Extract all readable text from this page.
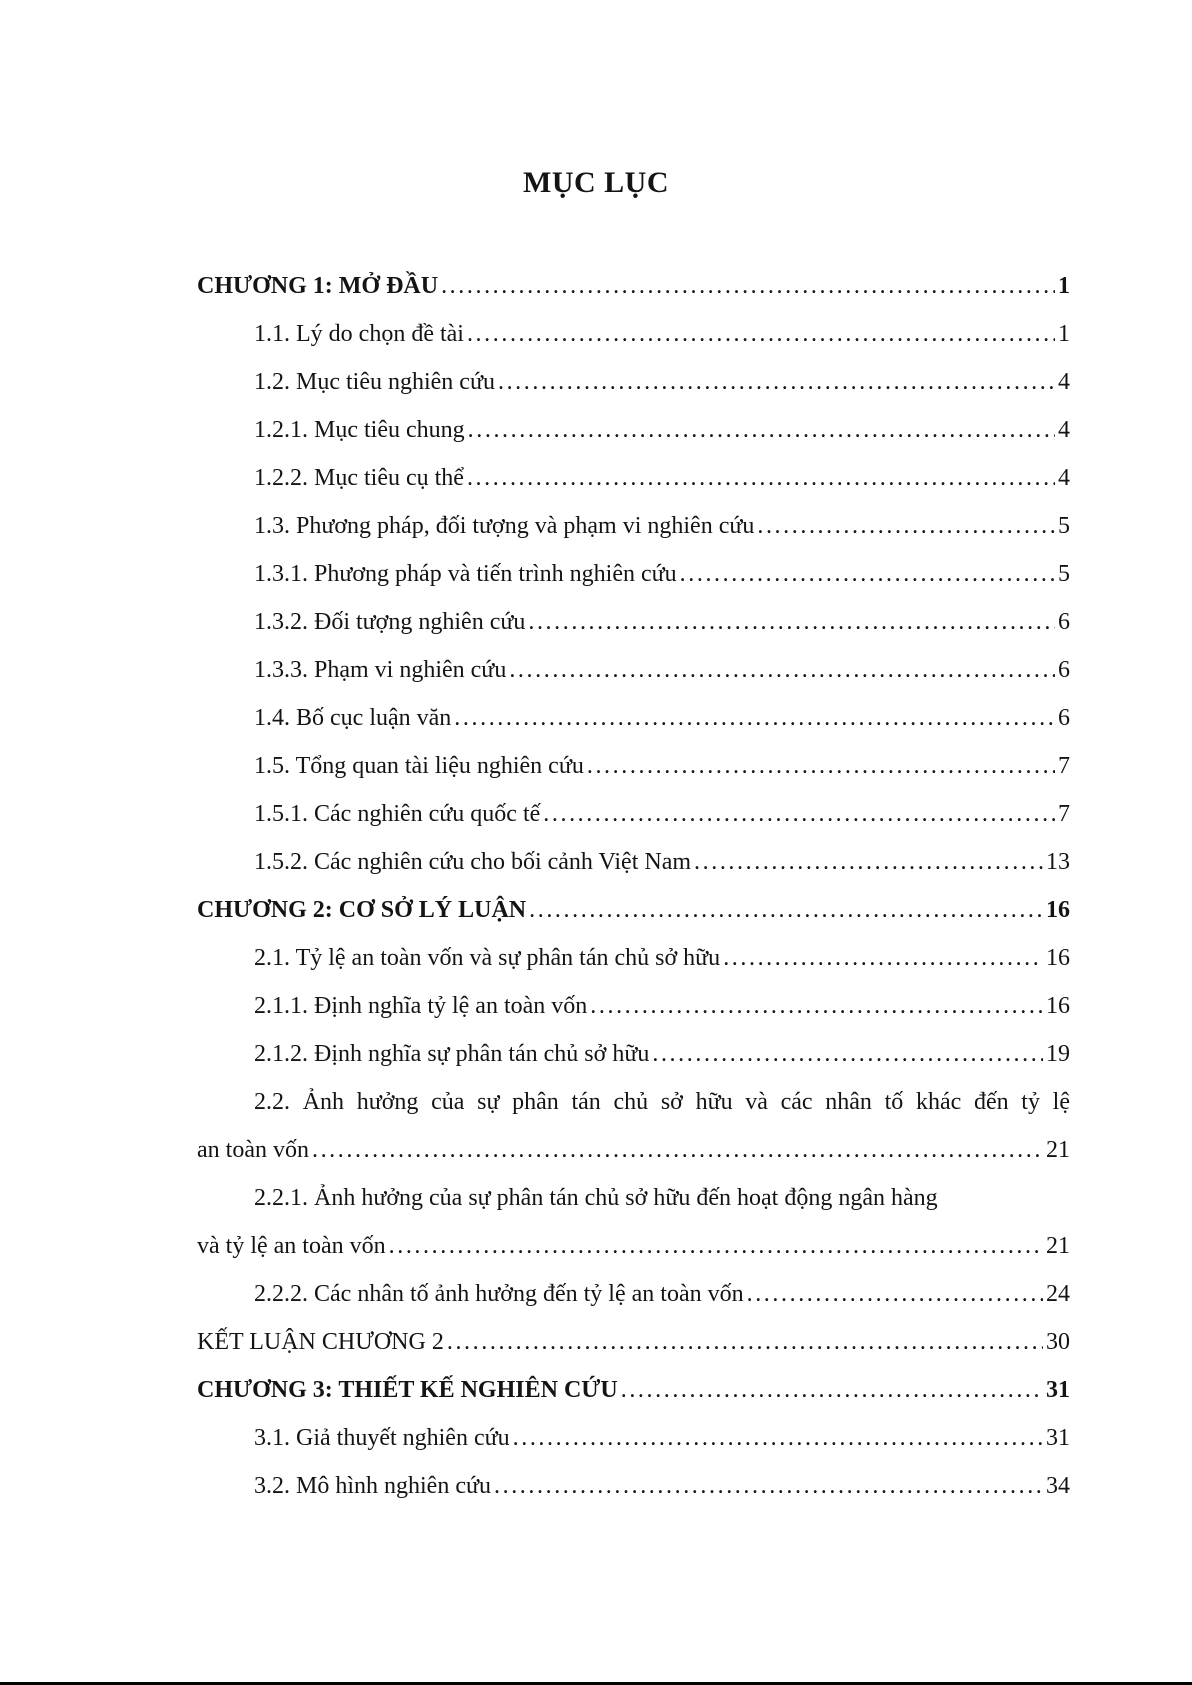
MỤC LỤC
CHƯƠNG 1: MỞ ĐẦU .....	1
1.1. Lý do chọn đề tài .....	1
1.2. Mục tiêu nghiên cứu .....	4
1.2.1. Mục tiêu chung .....	4
1.2.2. Mục tiêu cụ thể .....	4
1.3. Phương pháp, đối tượng và phạm vi nghiên cứu .....	5
1.3.1. Phương pháp và tiến trình nghiên cứu .....	5
1.3.2. Đối tượng nghiên cứu .....	6
1.3.3. Phạm vi nghiên cứu .....	6
1.4. Bố cục luận văn .....	6
1.5. Tổng quan tài liệu nghiên cứu .....	7
1.5.1. Các nghiên cứu quốc tế .....	7
1.5.2. Các nghiên cứu cho bối cảnh Việt Nam .....	13
CHƯƠNG 2: CƠ SỞ LÝ LUẬN .....	16
2.1. Tỷ lệ an toàn vốn và sự phân tán chủ sở hữu .....	16
2.1.1. Định nghĩa tỷ lệ an toàn vốn .....	16
2.1.2. Định nghĩa sự phân tán chủ sở hữu .....	19
2.2. Ảnh hưởng của sự phân tán chủ sở hữu và các nhân tố khác đến tỷ lệ
an toàn vốn .....	21
2.2.1. Ảnh hưởng của sự phân tán chủ sở hữu đến hoạt động ngân hàng
và tỷ lệ an toàn vốn .....	21
2.2.2. Các nhân tố ảnh hưởng đến tỷ lệ an toàn vốn .....	24
KẾT LUẬN CHƯƠNG 2 .....	30
CHƯƠNG 3: THIẾT KẾ NGHIÊN CỨU .....	31
3.1. Giả thuyết nghiên cứu .....	31
3.2. Mô hình nghiên cứu .....	34
